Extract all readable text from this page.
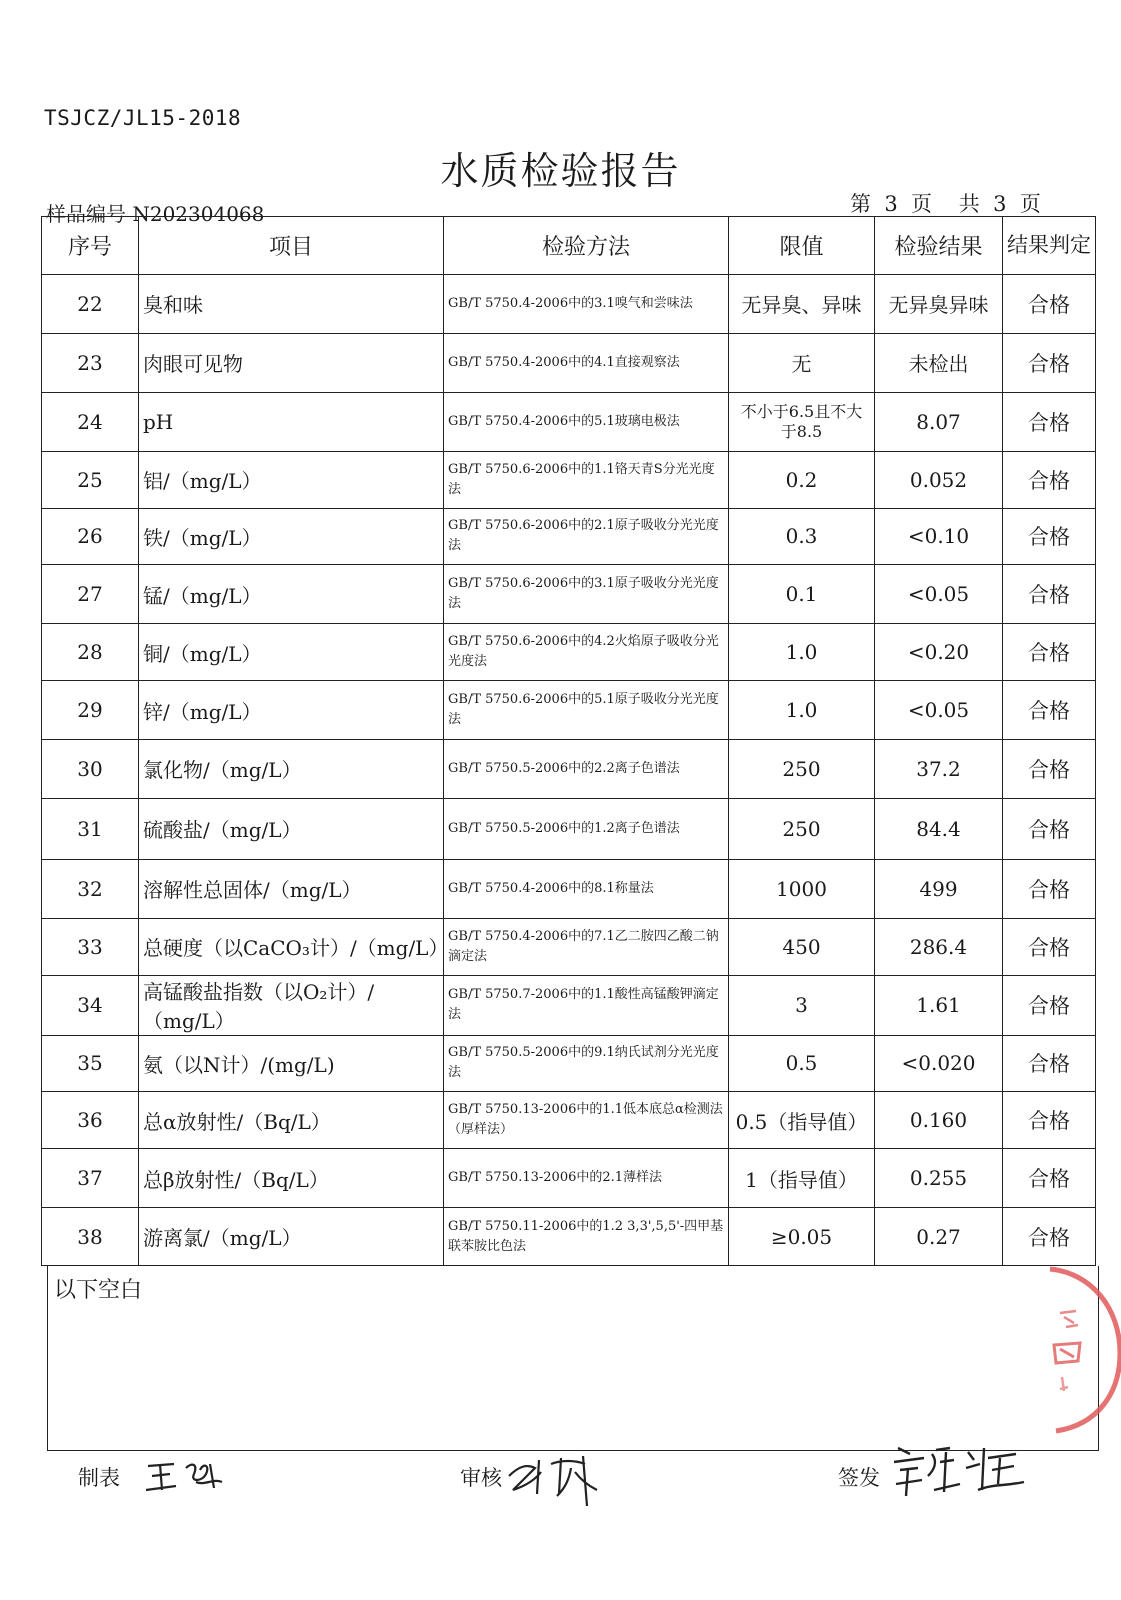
TSJCZ/JL15-2018
水质检验报告
样品编号 N202304068	第  3  页    共  3  页
序号	项目	检验方法	限值	检验结果	结果判定
22	臭和味	GB/T 5750.4-2006中的3.1嗅气和尝味法	无异臭、异味	无异臭异味	合格
23	肉眼可见物	GB/T 5750.4-2006中的4.1直接观察法	无	未检出	合格
24	pH	GB/T 5750.4-2006中的5.1玻璃电极法	不小于6.5且不大于8.5	8.07	合格
25	铝/（mg/L）	GB/T 5750.6-2006中的1.1铬天青S分光光度法	0.2	0.052	合格
26	铁/（mg/L）	GB/T 5750.6-2006中的2.1原子吸收分光光度法	0.3	<0.10	合格
27	锰/（mg/L）	GB/T 5750.6-2006中的3.1原子吸收分光光度法	0.1	<0.05	合格
28	铜/（mg/L）	GB/T 5750.6-2006中的4.2火焰原子吸收分光光度法	1.0	<0.20	合格
29	锌/（mg/L）	GB/T 5750.6-2006中的5.1原子吸收分光光度法	1.0	<0.05	合格
30	氯化物/（mg/L）	GB/T 5750.5-2006中的2.2离子色谱法	250	37.2	合格
31	硫酸盐/（mg/L）	GB/T 5750.5-2006中的1.2离子色谱法	250	84.4	合格
32	溶解性总固体/（mg/L）	GB/T 5750.4-2006中的8.1称量法	1000	499	合格
33	总硬度（以CaCO₃计）/（mg/L）	GB/T 5750.4-2006中的7.1乙二胺四乙酸二钠滴定法	450	286.4	合格
34	高锰酸盐指数（以O₂计）/（mg/L）	GB/T 5750.7-2006中的1.1酸性高锰酸钾滴定法	3	1.61	合格
35	氨（以N计）/(mg/L)	GB/T 5750.5-2006中的9.1纳氏试剂分光光度法	0.5	<0.020	合格
36	总α放射性/（Bq/L）	GB/T 5750.13-2006中的1.1低本底总α检测法（厚样法）	0.5（指导值）	0.160	合格
37	总β放射性/（Bq/L）	GB/T 5750.13-2006中的2.1薄样法	1（指导值）	0.255	合格
38	游离氯/（mg/L）	GB/T 5750.11-2006中的1.2 3,3',5,5'-四甲基联苯胺比色法	≥0.05	0.27	合格
以下空白
制表	审核	签发
